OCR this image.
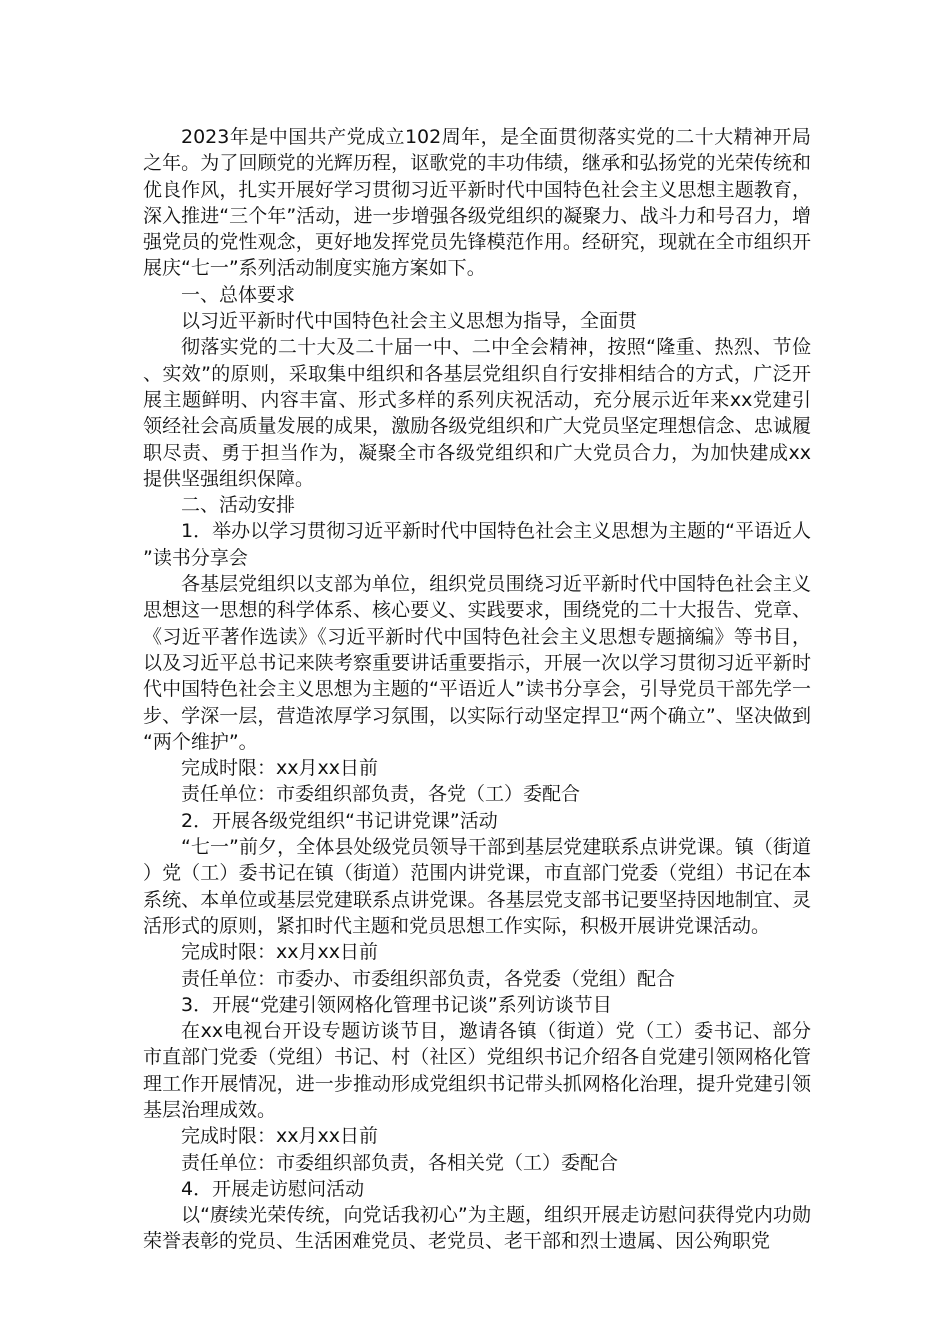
2023年是中国共产党成立102周年，是全面贯彻落实党的二十大精神开局之年。为了回顾党的光辉历程，讴歌党的丰功伟绩，继承和弘扬党的光荣传统和优良作风，扎实开展好学习贯彻习近平新时代中国特色社会主义思想主题教育，深入推进“三个年”活动，进一步增强各级党组织的凝聚力、战斗力和号召力，增强党员的党性观念，更好地发挥党员先锋模范作用。经研究，现就在全市组织开展庆“七一”系列活动制度实施方案如下。

一、总体要求

以习近平新时代中国特色社会主义思想为指导，全面贯

彻落实党的二十大及二十届一中、二中全会精神，按照“隆重、热烈、节俭、实效”的原则，采取集中组织和各基层党组织自行安排相结合的方式，广泛开展主题鲜明、内容丰富、形式多样的系列庆祝活动，充分展示近年来xx党建引领经社会高质量发展的成果，激励各级党组织和广大党员坚定理想信念、忠诚履职尽责、勇于担当作为，凝聚全市各级党组织和广大党员合力，为加快建成xx提供坚强组织保障。

二、活动安排

1．举办以学习贯彻习近平新时代中国特色社会主义思想为主题的“平语近人”读书分享会

各基层党组织以支部为单位，组织党员围绕习近平新时代中国特色社会主义思想这一思想的科学体系、核心要义、实践要求，围绕党的二十大报告、党章、《习近平著作选读》《习近平新时代中国特色社会主义思想专题摘编》等书目，以及习近平总书记来陕考察重要讲话重要指示，开展一次以学习贯彻习近平新时代中国特色社会主义思想为主题的“平语近人”读书分享会，引导党员干部先学一步、学深一层，营造浓厚学习氛围，以实际行动坚定捍卫“两个确立”、坚决做到“两个维护”。

完成时限：xx月xx日前

责任单位：市委组织部负责，各党（工）委配合

2．开展各级党组织“书记讲党课”活动

“七一”前夕，全体县处级党员领导干部到基层党建联系点讲党课。镇（街道）党（工）委书记在镇（街道）范围内讲党课，市直部门党委（党组）书记在本系统、本单位或基层党建联系点讲党课。各基层党支部书记要坚持因地制宜、灵活形式的原则，紧扣时代主题和党员思想工作实际，积极开展讲党课活动。

完成时限：xx月xx日前

责任单位：市委办、市委组织部负责，各党委（党组）配合

3．开展“党建引领网格化管理书记谈”系列访谈节目

在xx电视台开设专题访谈节目，邀请各镇（街道）党（工）委书记、部分市直部门党委（党组）书记、村（社区）党组织书记介绍各自党建引领网格化管理工作开展情况，进一步推动形成党组织书记带头抓网格化治理，提升党建引领基层治理成效。

完成时限：xx月xx日前

责任单位：市委组织部负责，各相关党（工）委配合

4．开展走访慰问活动

以“赓续光荣传统，向党话我初心”为主题，组织开展走访慰问获得党内功勋荣誉表彰的党员、生活困难党员、老党员、老干部和烈士遗属、因公殉职党
